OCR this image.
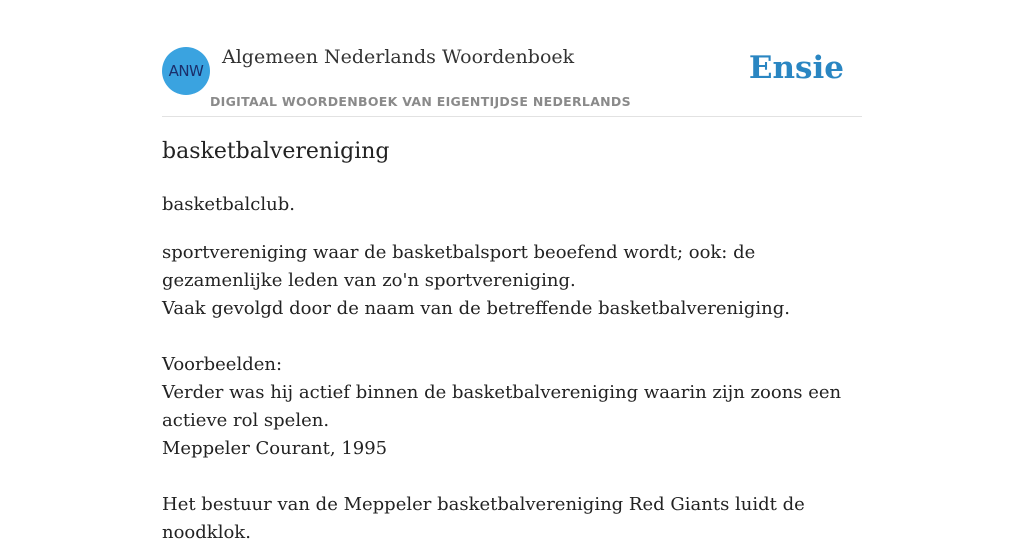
ANW
Algemeen Nederlands Woordenboek
DIGITAAL WOORDENBOEK VAN EIGENTIJDSE NEDERLANDS
Ensie
basketbalvereniging
basketbalclub.

sportvereniging waar de basketbalsport beoefend wordt; ook: de gezamenlijke leden van zo'n sportvereniging.

Vaak gevolgd door de naam van de betreffende basketbalvereniging.

Voorbeelden:

Verder was hij actief binnen de basketbalvereniging waarin zijn zoons een actieve rol spelen.

Meppeler Courant, 1995

Het bestuur van de Meppeler basketbalvereniging Red Giants luidt de noodklok.
